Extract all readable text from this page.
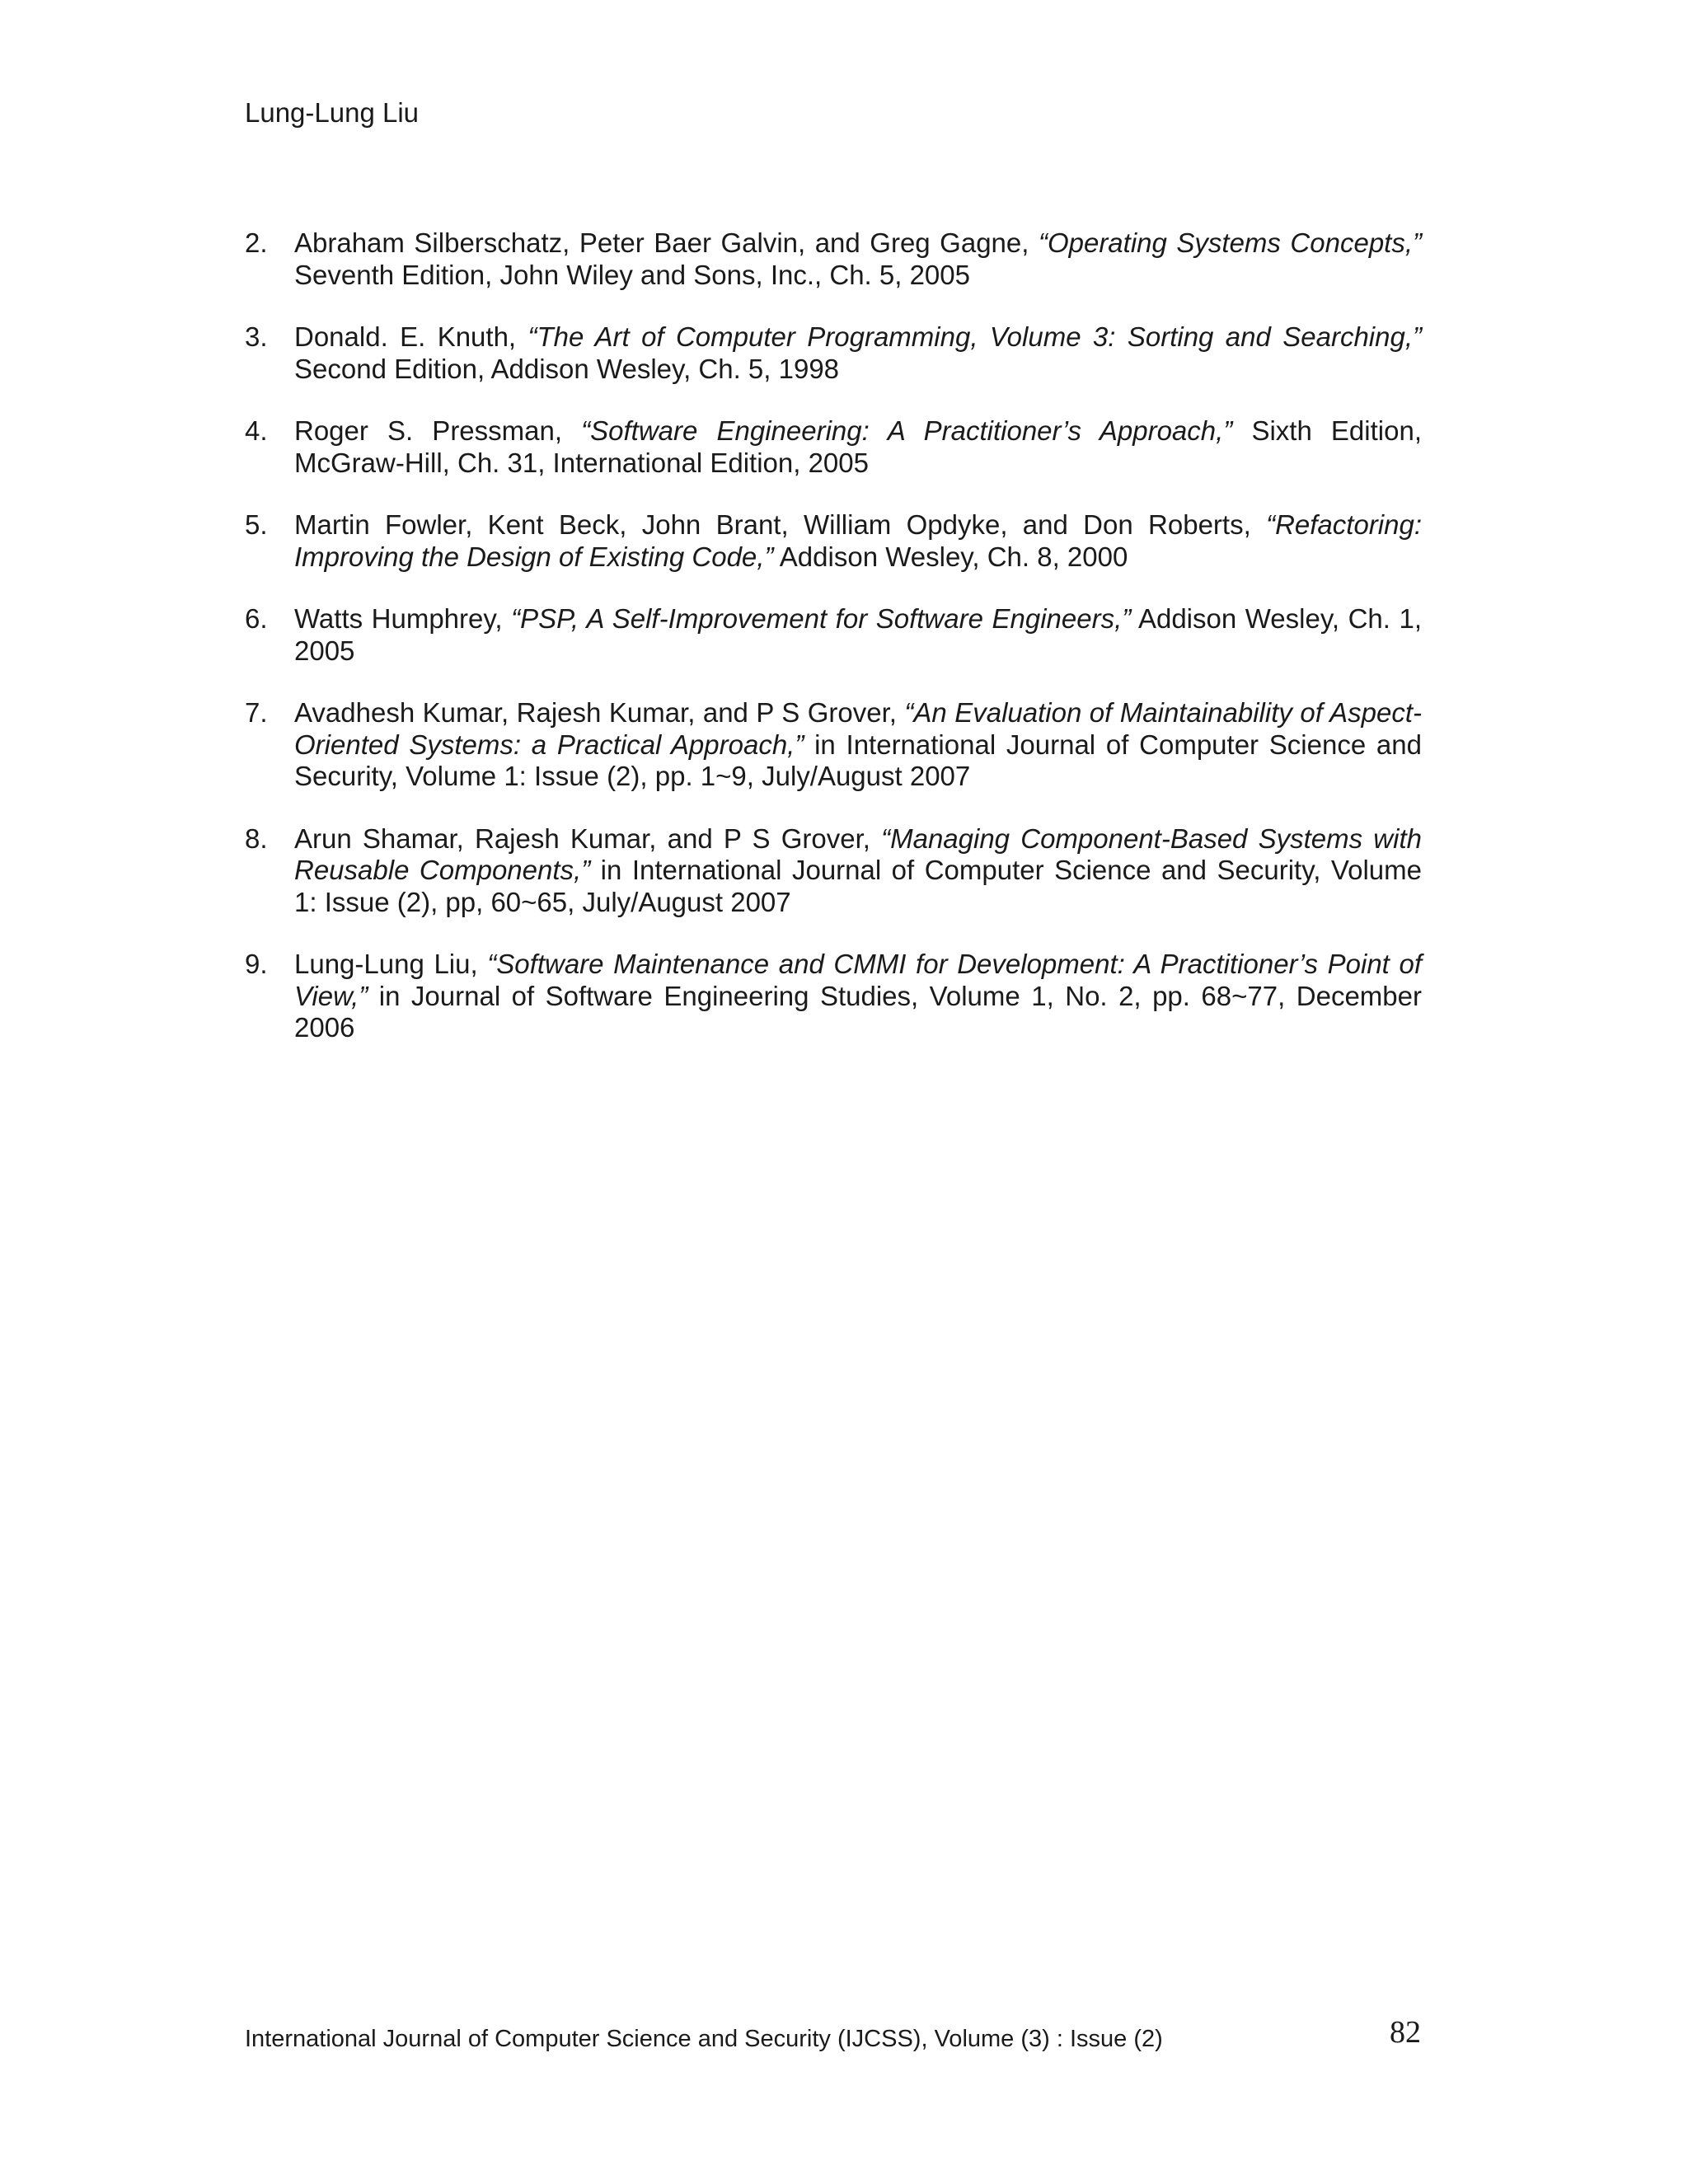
Lung-Lung Liu
2. Abraham Silberschatz, Peter Baer Galvin, and Greg Gagne, “Operating Systems Concepts,” Seventh Edition, John Wiley and Sons, Inc., Ch. 5, 2005
3. Donald. E. Knuth, “The Art of Computer Programming, Volume 3: Sorting and Searching,” Second Edition, Addison Wesley, Ch. 5, 1998
4. Roger S. Pressman, “Software Engineering: A Practitioner’s Approach,” Sixth Edition, McGraw-Hill, Ch. 31, International Edition, 2005
5. Martin Fowler, Kent Beck, John Brant, William Opdyke, and Don Roberts, “Refactoring: Improving the Design of Existing Code,” Addison Wesley, Ch. 8, 2000
6. Watts Humphrey, “PSP, A Self-Improvement for Software Engineers,” Addison Wesley, Ch. 1, 2005
7. Avadhesh Kumar, Rajesh Kumar, and P S Grover, “An Evaluation of Maintainability of Aspect-Oriented Systems: a Practical Approach,” in International Journal of Computer Science and Security, Volume 1: Issue (2), pp. 1~9, July/August 2007
8. Arun Shamar, Rajesh Kumar, and P S Grover, “Managing Component-Based Systems with Reusable Components,” in International Journal of Computer Science and Security, Volume 1: Issue (2), pp, 60~65, July/August 2007
9. Lung-Lung Liu, “Software Maintenance and CMMI for Development: A Practitioner’s Point of View,” in Journal of Software Engineering Studies, Volume 1, No. 2, pp. 68~77, December 2006
International Journal of Computer Science and Security (IJCSS), Volume (3) : Issue (2)	82
